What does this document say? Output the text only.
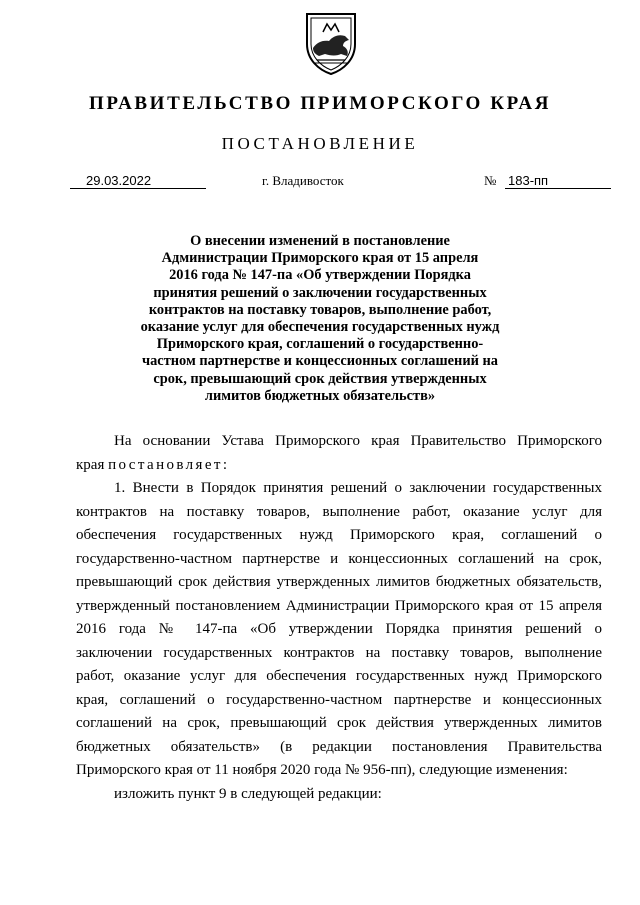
ПРАВИТЕЛЬСТВО ПРИМОРСКОГО КРАЯ
ПОСТАНОВЛЕНИЕ
29.03.2022	г. Владивосток	№ 183-пп
О внесении изменений в постановление
Администрации Приморского края от 15 апреля
2016 года № 147-па «Об утверждении Порядка
принятия решений о заключении государственных
контрактов на поставку товаров, выполнение работ,
оказание услуг для обеспечения государственных нужд
Приморского края, соглашений о государственно-
частном партнерстве и концессионных соглашений на
срок, превышающий срок действия утвержденных
лимитов бюджетных обязательств»
На основании Устава Приморского края Правительство Приморского
края постановляет:
1. Внести в Порядок принятия решений о заключении государственных
контрактов на поставку товаров, выполнение работ, оказание услуг для
обеспечения государственных нужд Приморского края, соглашений о
государственно-частном партнерстве и концессионных соглашений на срок,
превышающий срок действия утвержденных лимитов бюджетных обязательств,
утвержденный постановлением Администрации Приморского края от 15 апреля
2016 года № 147-па «Об утверждении Порядка принятия решений о
заключении государственных контрактов на поставку товаров, выполнение
работ, оказание услуг для обеспечения государственных нужд Приморского
края, соглашений о государственно-частном партнерстве и концессионных
соглашений на срок, превышающий срок действия утвержденных лимитов
бюджетных обязательств» (в редакции постановления Правительства
Приморского края от 11 ноября 2020 года № 956-пп), следующие изменения:
изложить пункт 9 в следующей редакции:
